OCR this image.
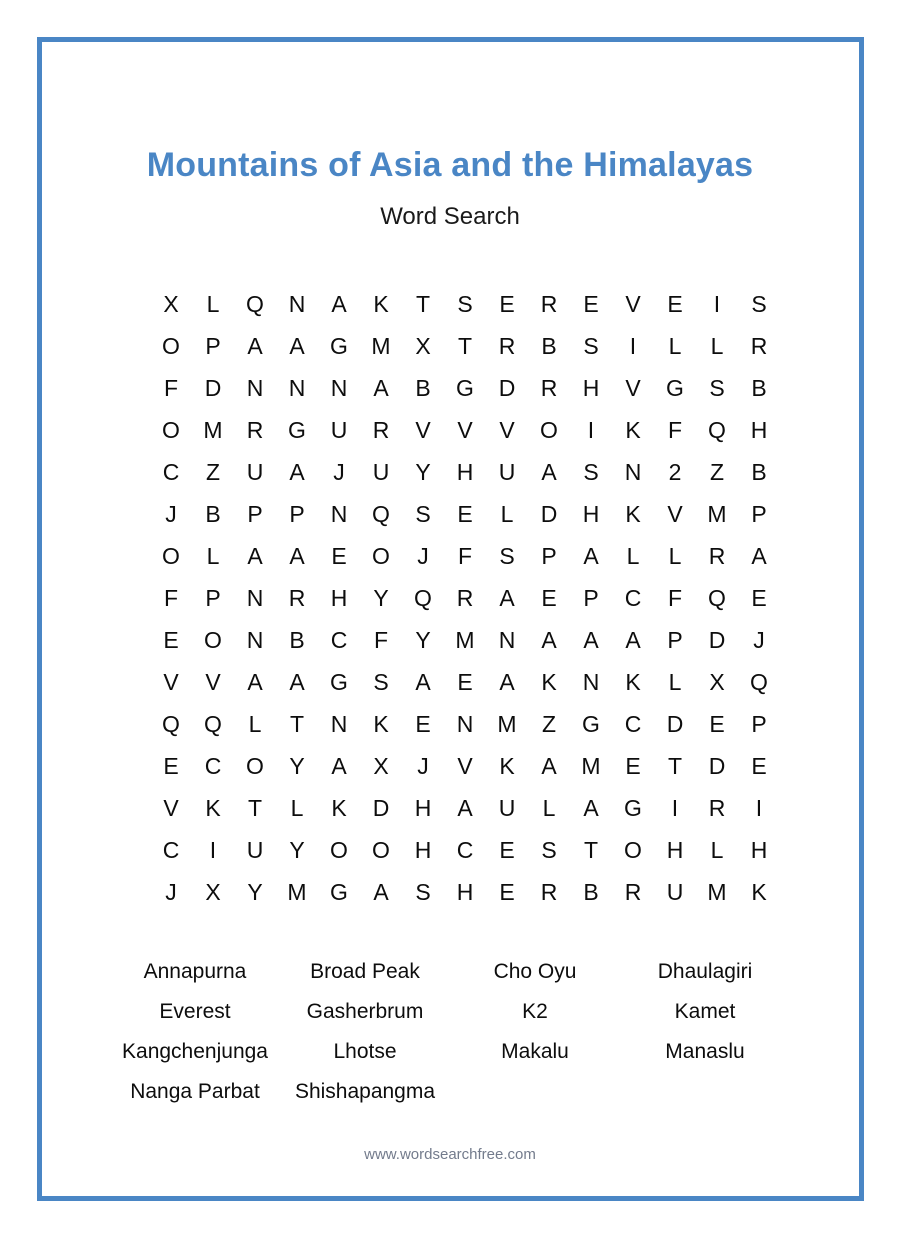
Mountains of Asia and the Himalayas
Word Search
X	L	Q	N	A	K	T	S	E	R	E	V	E	I	S
O	P	A	A	G	M	X	T	R	B	S	I	L	L	R
F	D	N	N	N	A	B	G	D	R	H	V	G	S	B
O	M	R	G	U	R	V	V	V	O	I	K	F	Q	H
C	Z	U	A	J	U	Y	H	U	A	S	N	2	Z	B
J	B	P	P	N	Q	S	E	L	D	H	K	V	M	P
O	L	A	A	E	O	J	F	S	P	A	L	L	R	A
F	P	N	R	H	Y	Q	R	A	E	P	C	F	Q	E
E	O	N	B	C	F	Y	M	N	A	A	A	P	D	J
V	V	A	A	G	S	A	E	A	K	N	K	L	X	Q
Q	Q	L	T	N	K	E	N	M	Z	G	C	D	E	P
E	C	O	Y	A	X	J	V	K	A	M	E	T	D	E
V	K	T	L	K	D	H	A	U	L	A	G	I	R	I
C	I	U	Y	O	O	H	C	E	S	T	O	H	L	H
J	X	Y	M	G	A	S	H	E	R	B	R	U	M	K
Annapurna	Broad Peak	Cho Oyu	Dhaulagiri
Everest	Gasherbrum	K2	Kamet
Kangchenjunga	Lhotse	Makalu	Manaslu
Nanga Parbat	Shishapangma
www.wordsearchfree.com
